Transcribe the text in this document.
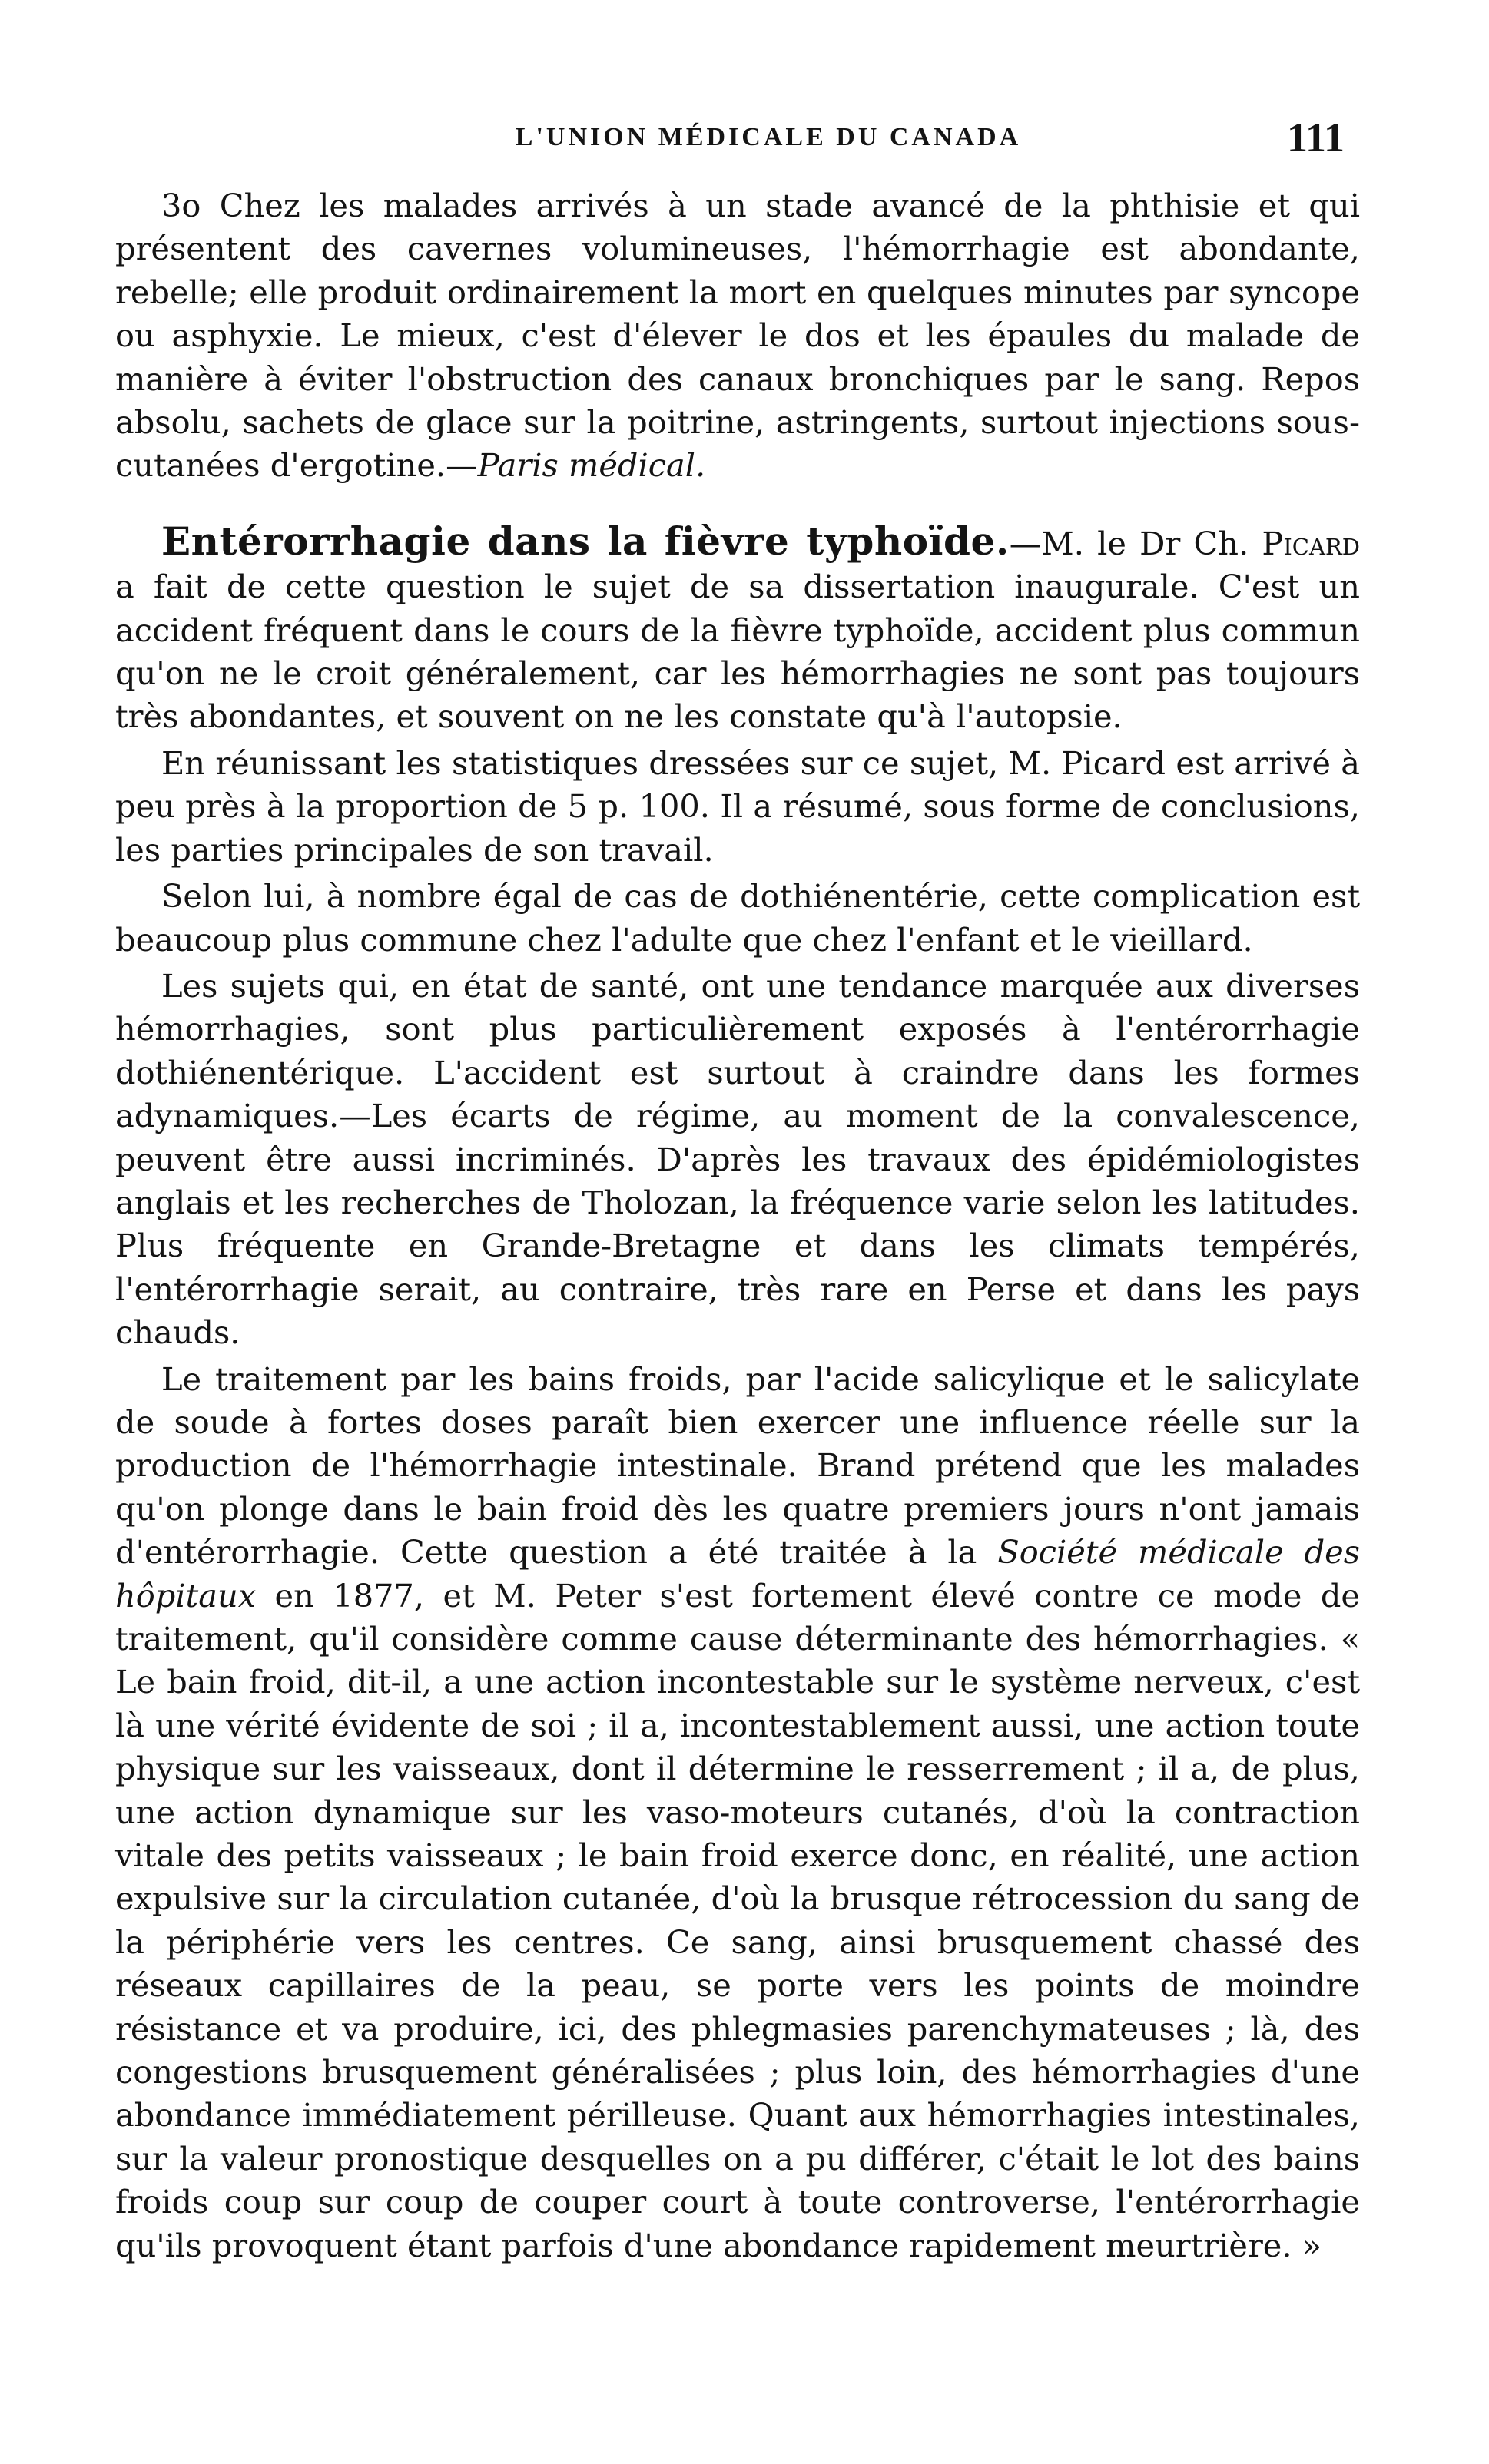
L'UNION MÉDICALE DU CANADA	111

3o Chez les malades arrivés à un stade avancé de la phthisie et qui présentent des cavernes volumineuses, l'hémorrhagie est abondante, rebelle; elle produit ordinairement la mort en quelques minutes par syncope ou asphyxie. Le mieux, c'est d'élever le dos et les épaules du malade de manière à éviter l'obstruction des canaux bronchiques par le sang. Repos absolu, sachets de glace sur la poitrine, astringents, surtout injections sous-cutanées d'ergotine.—Paris médical.

Entérorrhagie dans la fièvre typhoïde.—M. le Dr Ch. Picard a fait de cette question le sujet de sa dissertation inaugurale. C'est un accident fréquent dans le cours de la fièvre typhoïde, accident plus commun qu'on ne le croit généralement, car les hémorrhagies ne sont pas toujours très abondantes, et souvent on ne les constate qu'à l'autopsie.

En réunissant les statistiques dressées sur ce sujet, M. Picard est arrivé à peu près à la proportion de 5 p. 100. Il a résumé, sous forme de conclusions, les parties principales de son travail.

Selon lui, à nombre égal de cas de dothiénentérie, cette complication est beaucoup plus commune chez l'adulte que chez l'enfant et le vieillard.

Les sujets qui, en état de santé, ont une tendance marquée aux diverses hémorrhagies, sont plus particulièrement exposés à l'entérorrhagie dothiénentérique. L'accident est surtout à craindre dans les formes adynamiques.—Les écarts de régime, au moment de la convalescence, peuvent être aussi incriminés. D'après les travaux des épidémiologistes anglais et les recherches de Tholozan, la fréquence varie selon les latitudes. Plus fréquente en Grande-Bretagne et dans les climats tempérés, l'entérorrhagie serait, au contraire, très rare en Perse et dans les pays chauds.

Le traitement par les bains froids, par l'acide salicylique et le salicylate de soude à fortes doses paraît bien exercer une influence réelle sur la production de l'hémorrhagie intestinale. Brand prétend que les malades qu'on plonge dans le bain froid dès les quatre premiers jours n'ont jamais d'entérorrhagie. Cette question a été traitée à la Société médicale des hôpitaux en 1877, et M. Peter s'est fortement élevé contre ce mode de traitement, qu'il considère comme cause déterminante des hémorrhagies. « Le bain froid, dit-il, a une action incontestable sur le système nerveux, c'est là une vérité évidente de soi ; il a, incontestablement aussi, une action toute physique sur les vaisseaux, dont il détermine le resserrement ; il a, de plus, une action dynamique sur les vaso-moteurs cutanés, d'où la contraction vitale des petits vaisseaux ; le bain froid exerce donc, en réalité, une action expulsive sur la circulation cutanée, d'où la brusque rétrocession du sang de la périphérie vers les centres. Ce sang, ainsi brusquement chassé des réseaux capillaires de la peau, se porte vers les points de moindre résistance et va produire, ici, des phlegmasies parenchymateuses ; là, des congestions brusquement généralisées ; plus loin, des hémorrhagies d'une abondance immédiatement périlleuse. Quant aux hémorrhagies intestinales, sur la valeur pronostique desquelles on a pu différer, c'était le lot des bains froids coup sur coup de couper court à toute controverse, l'entérorrhagie qu'ils provoquent étant parfois d'une abondance rapidement meurtrière. »
